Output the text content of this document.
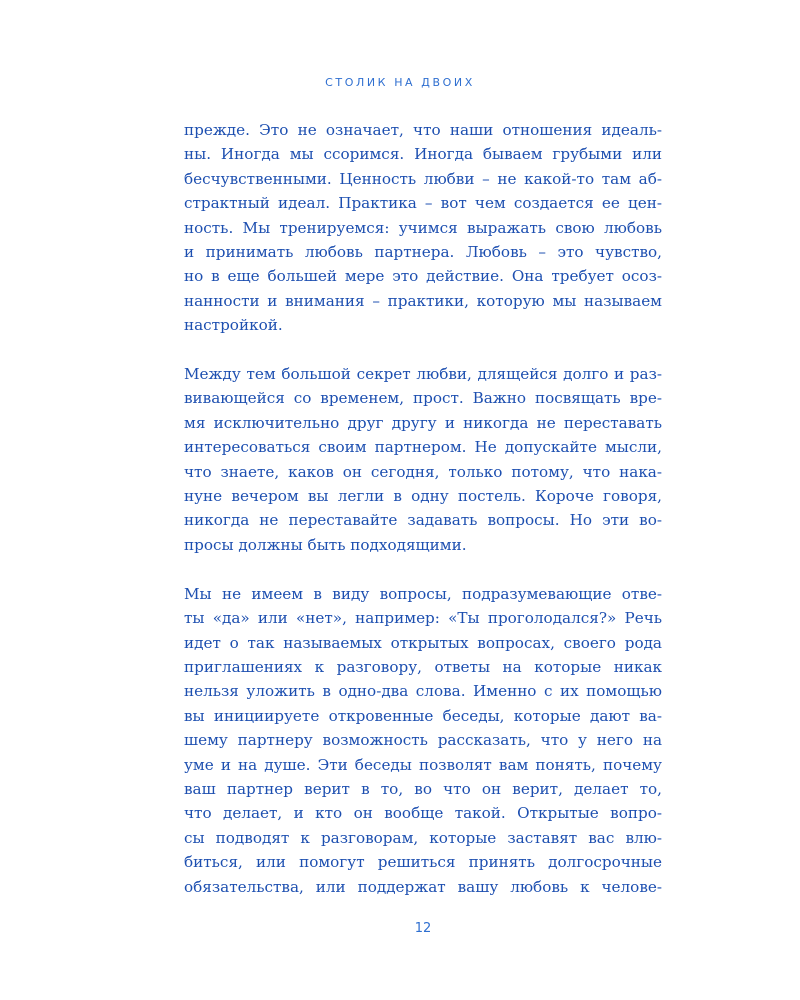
СТОЛИК НА ДВОИХ

прежде. Это не означает, что наши отношения идеаль-
ны. Иногда мы ссоримся. Иногда бываем грубыми или
бесчувственными. Ценность любви – не какой-то там аб-
страктный идеал. Практика – вот чем создается ее цен-
ность. Мы тренируемся: учимся выражать свою любовь
и принимать любовь партнера. Любовь – это чувство,
но в еще большей мере это действие. Она требует осоз-
нанности и внимания – практики, которую мы называем
настройкой.

Между тем большой секрет любви, длящейся долго и раз-
вивающейся со временем, прост. Важно посвящать вре-
мя исключительно друг другу и никогда не переставать
интересоваться своим партнером. Не допускайте мысли,
что знаете, каков он сегодня, только потому, что нака-
нуне вечером вы легли в одну постель. Короче говоря,
никогда не переставайте задавать вопросы. Но эти во-
просы должны быть подходящими.

Мы не имеем в виду вопросы, подразумевающие отве-
ты «да» или «нет», например: «Ты проголодался?» Речь
идет о так называемых открытых вопросах, своего рода
приглашениях к разговору, ответы на которые никак
нельзя уложить в одно-два слова. Именно с их помощью
вы инициируете откровенные беседы, которые дают ва-
шему партнеру возможность рассказать, что у него на
уме и на душе. Эти беседы позволят вам понять, почему
ваш партнер верит в то, во что он верит, делает то,
что делает, и кто он вообще такой. Открытые вопро-
сы подводят к разговорам, которые заставят вас влю-
биться, или помогут решиться принять долгосрочные
обязательства, или поддержат вашу любовь к челове-

12
